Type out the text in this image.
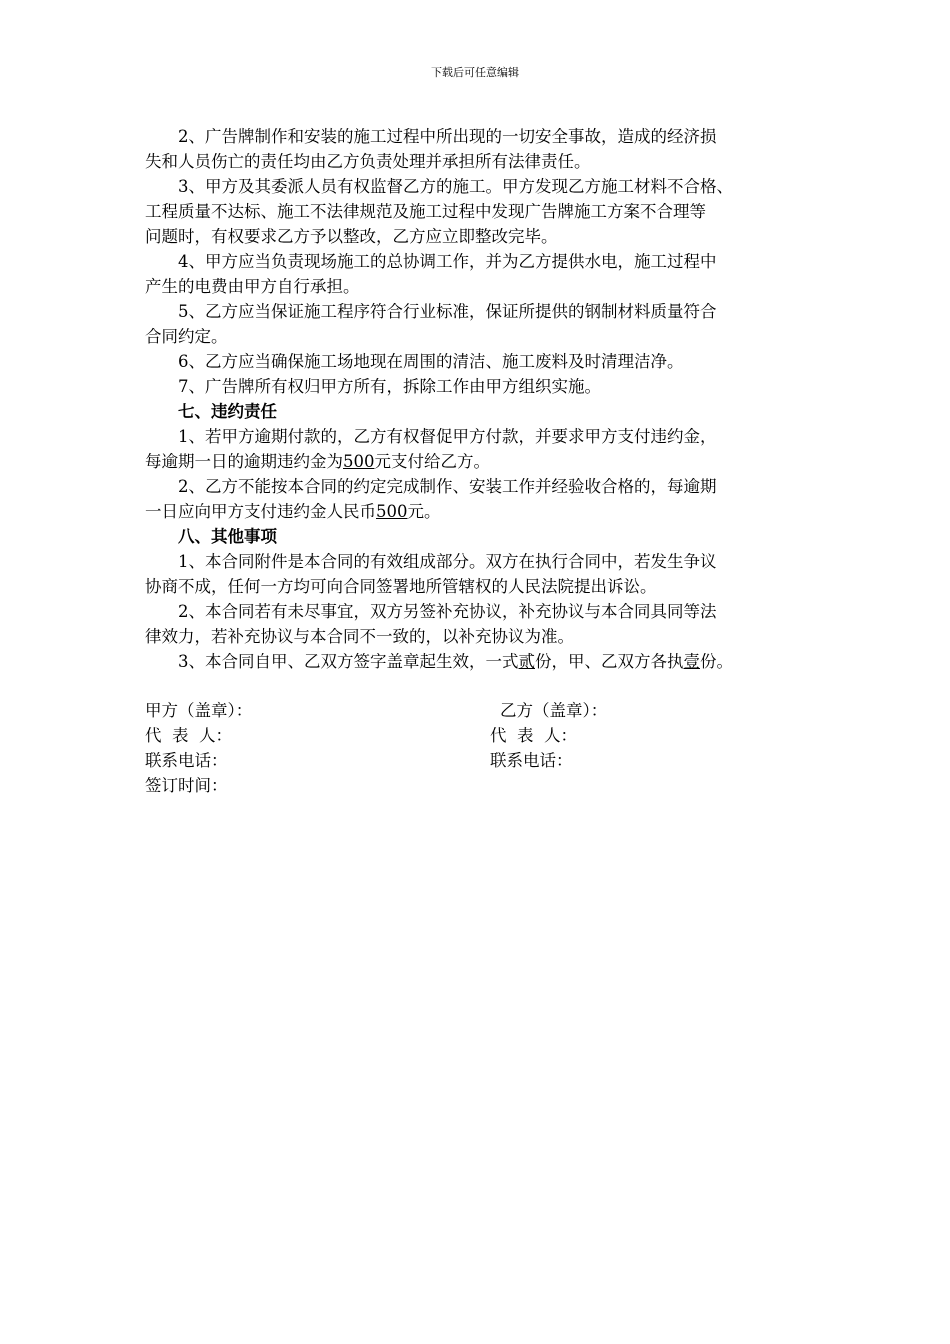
下载后可任意编辑

2、广告牌制作和安装的施工过程中所出现的一切安全事故，造成的经济损

失和人员伤亡的责任均由乙方负责处理并承担所有法律责任。

3、甲方及其委派人员有权监督乙方的施工。甲方发现乙方施工材料不合格、

工程质量不达标、施工不法律规范及施工过程中发现广告牌施工方案不合理等

问题时，有权要求乙方予以整改，乙方应立即整改完毕。

4、甲方应当负责现场施工的总协调工作，并为乙方提供水电，施工过程中

产生的电费由甲方自行承担。

5、乙方应当保证施工程序符合行业标准，保证所提供的钢制材料质量符合

合同约定。

6、乙方应当确保施工场地现在周围的清洁、施工废料及时清理洁净。

7、广告牌所有权归甲方所有，拆除工作由甲方组织实施。

七、违约责任

1、若甲方逾期付款的，乙方有权督促甲方付款，并要求甲方支付违约金，

每逾期一日的逾期违约金为500元支付给乙方。

2、乙方不能按本合同的约定完成制作、安装工作并经验收合格的，每逾期

一日应向甲方支付违约金人民币500元。

八、其他事项

1、本合同附件是本合同的有效组成部分。双方在执行合同中，若发生争议

协商不成，任何一方均可向合同签署地所管辖权的人民法院提出诉讼。

2、本合同若有未尽事宜，双方另签补充协议，补充协议与本合同具同等法

律效力，若补充协议与本合同不一致的，以补充协议为准。

3、本合同自甲、乙双方签字盖章起生效，一式贰份，甲、乙双方各执壹份。

甲方（盖章）：	乙方（盖章）：
代  表  人：	代  表  人：
联系电话：	联系电话：
签订时间：
